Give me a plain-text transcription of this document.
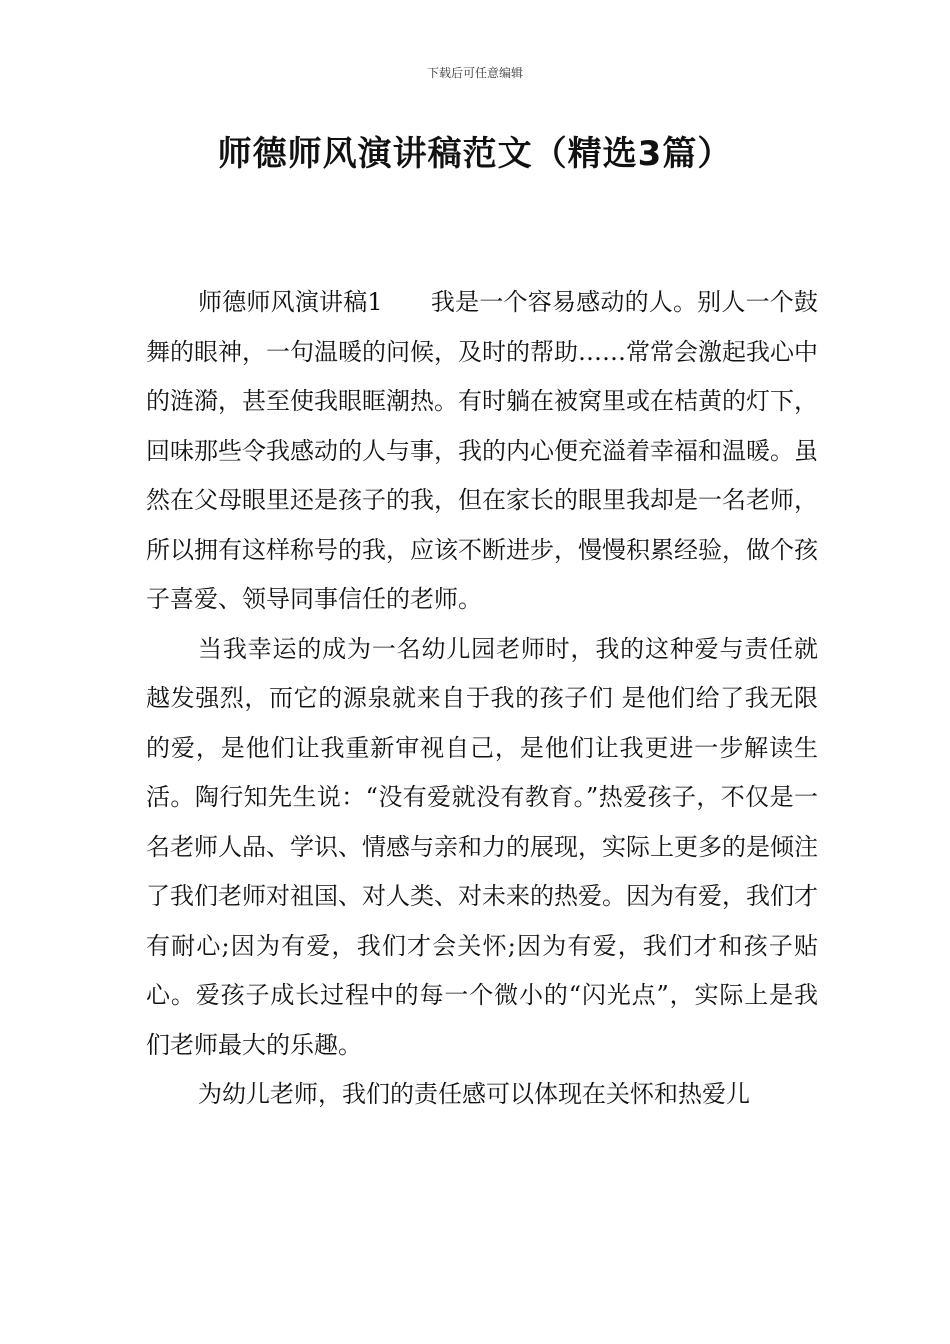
下载后可任意编辑
师德师风演讲稿范文（精选3篇）

师德师风演讲稿1 我是一个容易感动的人。别人一个鼓舞的眼神，一句温暖的问候，及时的帮助……常常会激起我心中的涟漪，甚至使我眼眶潮热。有时躺在被窝里或在桔黄的灯下，回味那些令我感动的人与事，我的内心便充溢着幸福和温暖。虽然在父母眼里还是孩子的我，但在家长的眼里我却是一名老师，所以拥有这样称号的我，应该不断进步，慢慢积累经验，做个孩子喜爱、领导同事信任的老师。

当我幸运的成为一名幼儿园老师时，我的这种爱与责任就越发强烈，而它的源泉就来自于我的孩子们 是他们给了我无限的爱，是他们让我重新审视自己，是他们让我更进一步解读生活。陶行知先生说：“没有爱就没有教育。”热爱孩子，不仅是一名老师人品、学识、情感与亲和力的展现，实际上更多的是倾注了我们老师对祖国、对人类、对未来的热爱。因为有爱，我们才有耐心;因为有爱，我们才会关怀;因为有爱，我们才和孩子贴心。爱孩子成长过程中的每一个微小的“闪光点”，实际上是我们老师最大的乐趣。

为幼儿老师，我们的责任感可以体现在关怀和热爱儿
